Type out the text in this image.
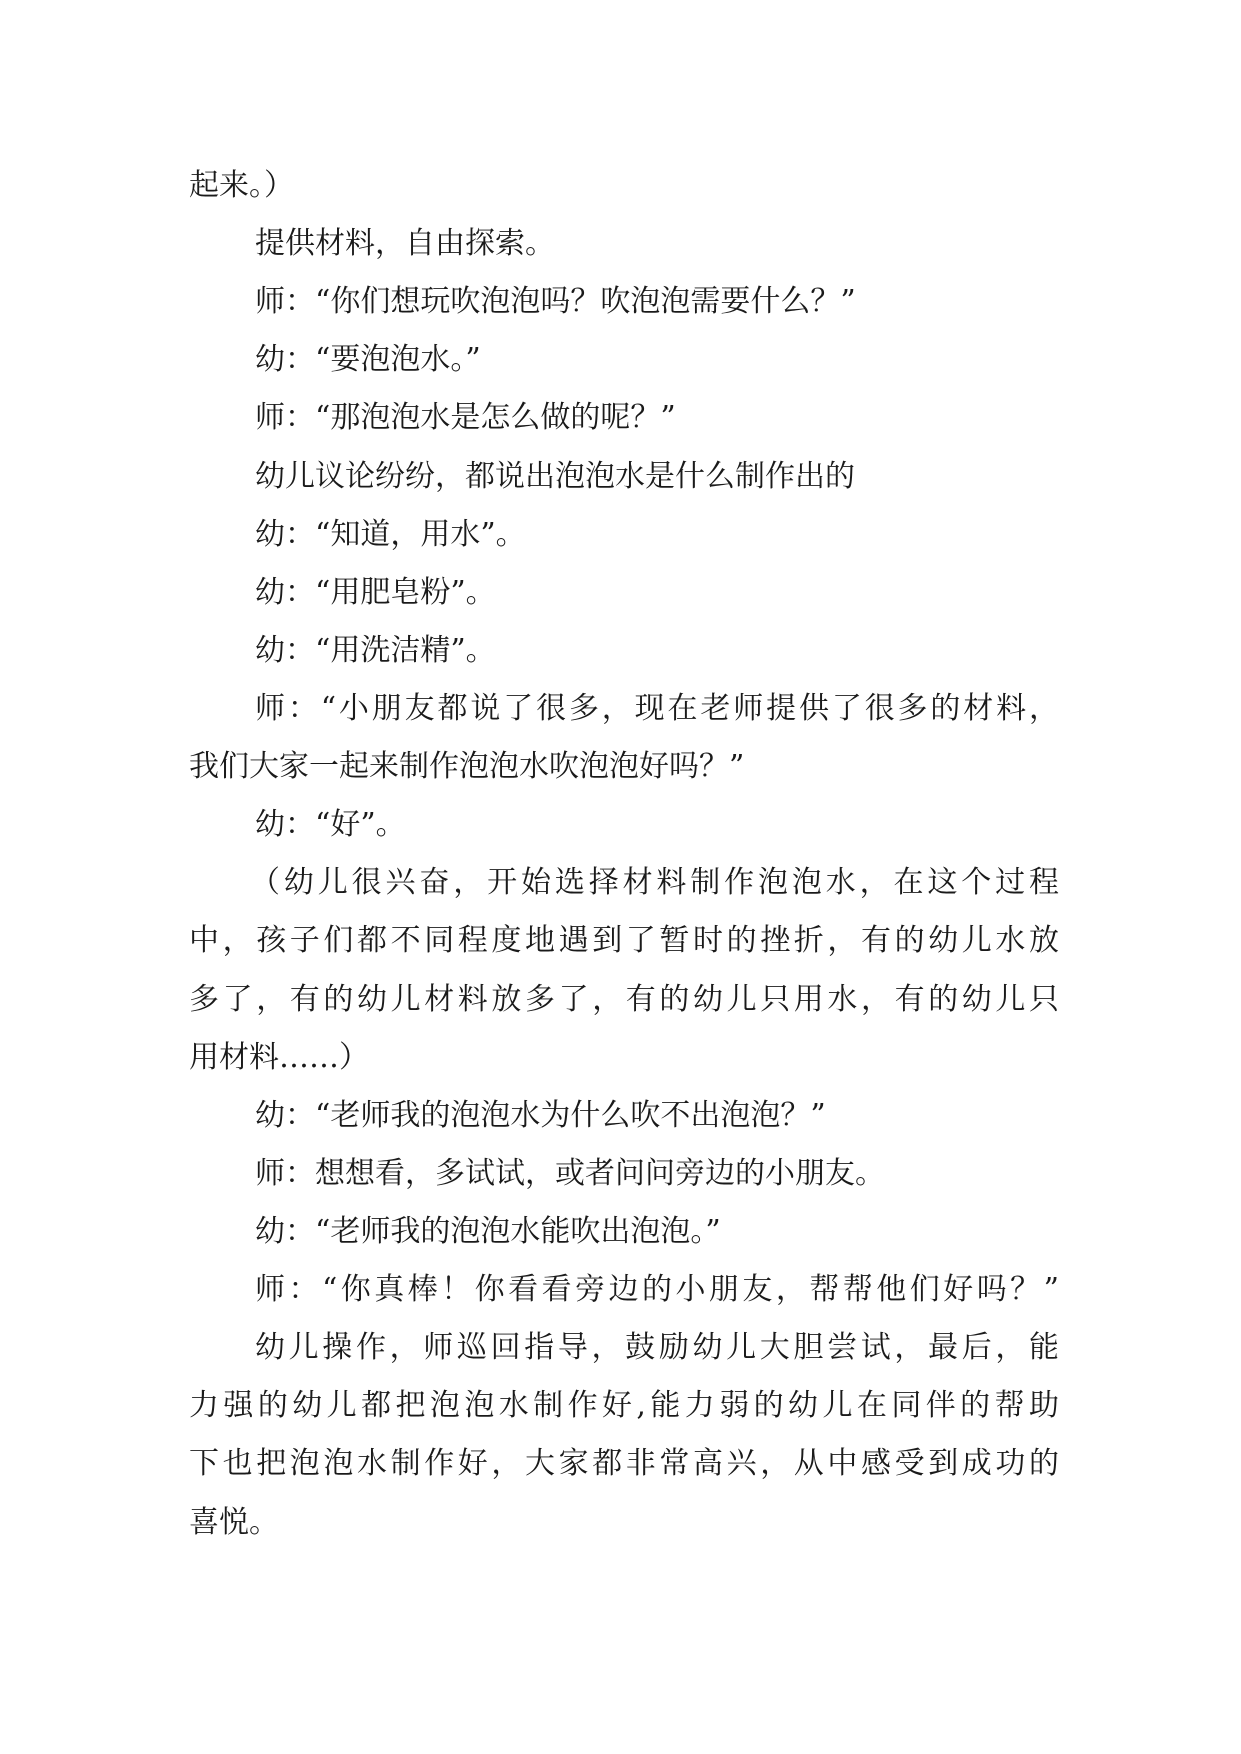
起来。）

提供材料，自由探索。

师：“你们想玩吹泡泡吗？吹泡泡需要什么？”

幼：“要泡泡水。”

师：“那泡泡水是怎么做的呢？”

幼儿议论纷纷，都说出泡泡水是什么制作出的

幼：“知道，用水”。

幼：“用肥皂粉”。

幼：“用洗洁精”。

师：“小朋友都说了很多，现在老师提供了很多的材料，

我们大家一起来制作泡泡水吹泡泡好吗？”

幼：“好”。

（幼儿很兴奋，开始选择材料制作泡泡水，在这个过程

中，孩子们都不同程度地遇到了暂时的挫折，有的幼儿水放

多了，有的幼儿材料放多了，有的幼儿只用水，有的幼儿只

用材料……）

幼：“老师我的泡泡水为什么吹不出泡泡？”

师：想想看，多试试，或者问问旁边的小朋友。

幼：“老师我的泡泡水能吹出泡泡。”

师：“你真棒！你看看旁边的小朋友，帮帮他们好吗？”

幼儿操作，师巡回指导，鼓励幼儿大胆尝试，最后，能

力强的幼儿都把泡泡水制作好,能力弱的幼儿在同伴的帮助

下也把泡泡水制作好，大家都非常高兴，从中感受到成功的

喜悦。
